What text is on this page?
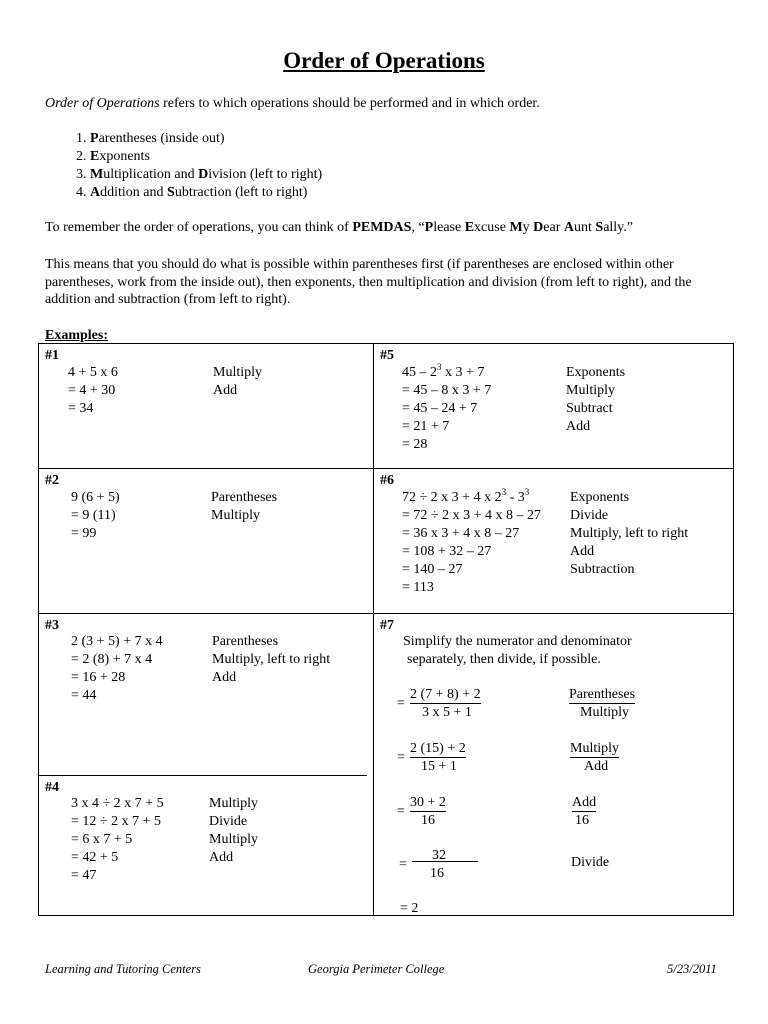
Order of Operations

Order of Operations refers to which operations should be performed and in which order.

1. Parentheses (inside out)
2. Exponents
3. Multiplication and Division (left to right)
4. Addition and Subtraction (left to right)

To remember the order of operations, you can think of PEMDAS, “Please Excuse My Dear Aunt Sally.”

This means that you should do what is possible within parentheses first (if parentheses are enclosed within other parentheses, work from the inside out), then exponents, then multiplication and division (from left to right), and the addition and subtraction (from left to right).

Examples:
#1
4 + 5 x 6
= 4 + 30
= 34
Multiply
Add
#2
9 (6 + 5)
= 9 (11)
= 99
Parentheses
Multiply
#3
2 (3 + 5) + 7 x 4
= 2 (8) + 7 x 4
= 16 + 28
= 44
Parentheses
Multiply, left to right
Add
#4
3 x 4 ÷ 2 x 7 + 5
= 12 ÷ 2 x 7 + 5
= 6 x 7 + 5
= 42 + 5
= 47
Multiply
Divide
Multiply
Add
#5
$45 - 2^3$ x 3 + 7
= 45 – 8 x 3 + 7
= 45 – 24 + 7
= 21 + 7
= 28
Exponents
Multiply
Subtract
Add
#6
72 ÷ 2 x 3 + 4 x $2^3 - 3^3$
= 72 ÷ 2 x 3 + 4 x 8 – 27
= 36 x 3 + 4 x 8 – 27
= 108 + 32 – 27
= 140 – 27
= 113
Exponents
Divide
Multiply, left to right
Add
Subtraction
#7
Simplify the numerator and denominator
separately, then divide, if possible.
=
2 (7 + 8) + 2
3 x 5 + 1
Parentheses
Multiply
=
2 (15) + 2
15 + 1
Multiply
Add
=
30 + 2
16
Add
16
=
32
16
Divide
= 2
Learning and Tutoring Centers	Georgia Perimeter College	5/23/2011
